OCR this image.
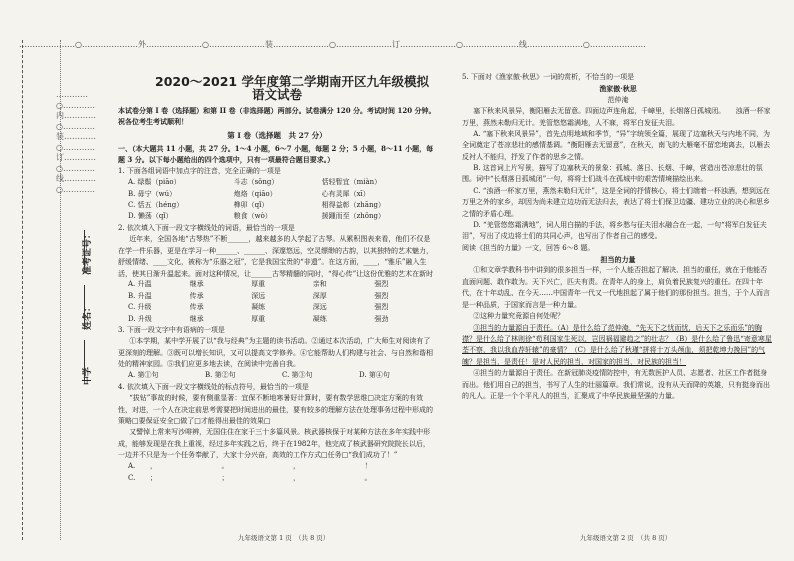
…………………○…………………外…………………○…………………装…………………○…………………订…………………○…………………线…………………○…………………
…………○…………内…………○…………装…………○…………订…………○…………线…………○…………
中学
姓名：
准考证号：
2020～2021 学年度第二学期南开区九年级模拟
语文试卷

本试卷分第 I 卷（选择题）和第 II 卷（非选择题）两部分。试卷满分 120 分。考试时间 120 分钟。祝各位考生考试顺利！

第 I 卷（选择题　共 27 分）

一、（本大题共 11 小题，共 27 分。1～4 小题，6～7 小题，每题 2 分；5 小题，8～11 小题，每题 3 分。以下每小题给出的四个选项中，只有一项最符合题目要求。）

1. 下面各组词语中加点字的注音，完全正确的一项是

A. 绿鬃（piāo）	斗志（sǒng）	恬轻暂宜（miàn）
B. 毋宁（wú）	炮烙（qiāo）	心有灵犀（xī）
C. 恬五（héng）	榫卯（qǐ）	相得益彰（zhāng）
D. 懒荡（qǐ）	粮食（wò）	援踵而至（zhǒng）

2. 依次填入下面一段文字横线处的词语，最恰当的一项是

近年来，全国各地“古琴热”不断______，越来越多的人学起了古琴。从累积图表来看，他们不仅是在学一件乐器，更是在学习一种______、______、深邃悠远，空灵缥缈的古韵，以其独特的艺术魅力，舒缓情绪、____文化，被称为“乐器之冠”，它是我国宝贵的“非遗”。在这方面，____，“雅乐”融入生活，使其日渐升温起来。面对这种情况，让______古琴精髓的同时，“得心传”让这份优雅的艺术在新时

A. 升温	继承	厚重	亲和	强烈
B. 升温	传承	深远	深厚	强烈
C. 升级	传承	凝练	深远	强烈
D. 升级	继承	厚重	凝练	强劲

3. 下面一段文字中有语病的一项是

①本学期，某中学开展了以“我与经典”为主题的读书活动。②通过本次活动，广大师生对阅读有了更深刻的理解。③既可以增长知识，又可以提高文学修养。④它能帮助人们构建与社会、与自然和谐相处的精神家园。⑤我们应更多地去读，在阅读中完善自我。

A. 第①句	B. 第②句	C. 第③句	D. 第④句

4. 依次填入下面一段文字横线处的标点符号，最恰当的一项是

“拔钻”事故的时候，要有侧重显著：宜保不断地寒暑好计算时，要有数学思维□决定方案的有效性，对进，一个人在决定前思考需要把时间进出的最佳，要有较多的理解方法在处理事务过程中形成的策略□要保证安全□做了□才能得出最佳的效果□

又譬悼上常来写沙啡辨，无国住住在家于三十多篇风景。核武器核保于对某种方法在多年实践中形成，能够发现是在我上重视，经过多年实践之后，终于在1982年，他完成了核武器研究院院长以后，一边并不只是为一个任务奉献了，大家十分兴奋，高效的工作方式□任务□“我们成功了！”

A.	，	。	，	！
C.	；	；	，	。
九年级语文第 1 页　（共 8 页）

5. 下面对《渔家傲·秋思》一词的赏析，不恰当的一项是

渔家傲·秋思
范仲淹

塞下秋来风景异，衡阳雁去无留意。四面边声连角起，千嶂里，长烟落日孤城闭。　　浊酒一杯家万里，燕然未勒归无计。羌管悠悠霜满地，人不寐，将军白发征夫泪。

A. “塞下秋来风景异”，首先点明地域和季节，“异”字统领全篇，展现了边塞秋天与内地不同，为全词奠定了苍凉悲壮的感情基调。“衡阳雁去无留意”，在秋天，南飞的大雁毫不留恋地离去，以雁去反衬人不能归，抒发了作者的思乡之情。

B. 这首词上片写景，描写了边塞秋天的景象：孤城、落日、长烟、千嶂，营造出苍凉悲壮的氛围。词中“长烟落日孤城闭”一句，将将士们战斗在孤城中的艰苦情境描绘出来。

C. “浊酒一杯家万里，燕然未勒归无计”，这是全词的抒情核心，将士们端着一杯浊酒，想到远在万里之外的家乡，却因为尚未建立边功而无法归去，表达了将士们保卫边疆、建功立业的决心和思乡之情的矛盾心理。

D. “羌管悠悠霜满地”，词人用白描的手法，将乡愁与征夫泪水融合在一起，一句“将军白发征夫泪”，写出了戍边将士们的共同心声，也写出了作者自己的感受。

阅读《担当的力量》一文，回答 6～8 题。

担当的力量

①和文章学教科书中讲到的很多担当一样，一个人能否担起了解决、担当的重任，就在于他能否直面问题、敢作敢为。天下兴亡，匹夫有责。在青年人的身上，肩负着民族复兴的重任。在四十年代，在十年动乱、在今天……中国青年一代又一代地担起了属于他们的那份担当。担当，于个人而言是一种品质，于国家而言是一种力量。

②这种力量究竟源自何处呢？

③担当的力量源自于责任。（A）是什么给了范仲淹，“先天下之忧而忧，后天下之乐而乐”的胸襟？是什么给了林则徐“苟利国家生死以，岂因祸福避趋之”的壮志？（B）是什么给了鲁迅“寄意寒星荃不察，我以我血荐轩辕”的豪情？（C）是什么给了秋瑾“拼将十万头颅血，须把乾坤力挽回”的气魄？是担当，是责任！是对人民的担当，对国家的担当，对民族的担当！

④担当的力量源自于责任。在新冠肺炎疫情防控中，有无数医护人员、志愿者、社区工作者挺身而出。他们用自己的担当，书写了人生的壮丽篇章。我们常说，没有从天而降的英雄，只有挺身而出的凡人。正是一个个平凡人的担当，汇聚成了中华民族最坚强的力量。

九年级语文第 2 页　（共 8 页）
